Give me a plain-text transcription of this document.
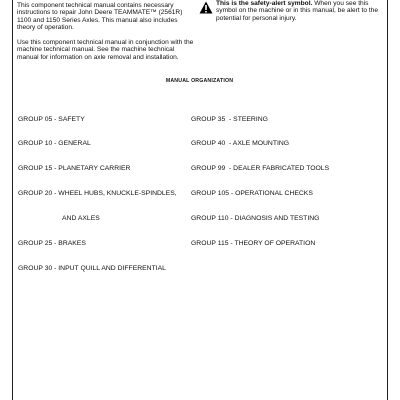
This component technical manual contains necessary instructions to repair John Deere TEAMMATE™ (2561R) 1100 and 1150 Series Axles. This manual also includes theory of operation.

Use this component technical manual in conjunction with the machine technical manual. See the machine technical manual for information on axle removal and installation.

This is the safety-alert symbol. When you see this symbol on the machine or in this manual, be alert to the potential for personal injury.
MANUAL ORGANIZATION

GROUP 05 - SAFETY

GROUP 10 - GENERAL

GROUP 15 - PLANETARY CARRIER

GROUP 20 - WHEEL HUBS, KNUCKLE-SPINDLES,

AND AXLES

GROUP 25 - BRAKES

GROUP 30 - INPUT QUILL AND DIFFERENTIAL

GROUP 35  - STEERING

GROUP 40  - AXLE MOUNTING

GROUP 99  - DEALER FABRICATED TOOLS

GROUP 105 - OPERATIONAL CHECKS

GROUP 110 - DIAGNOSIS AND TESTING

GROUP 115 - THEORY OF OPERATION
